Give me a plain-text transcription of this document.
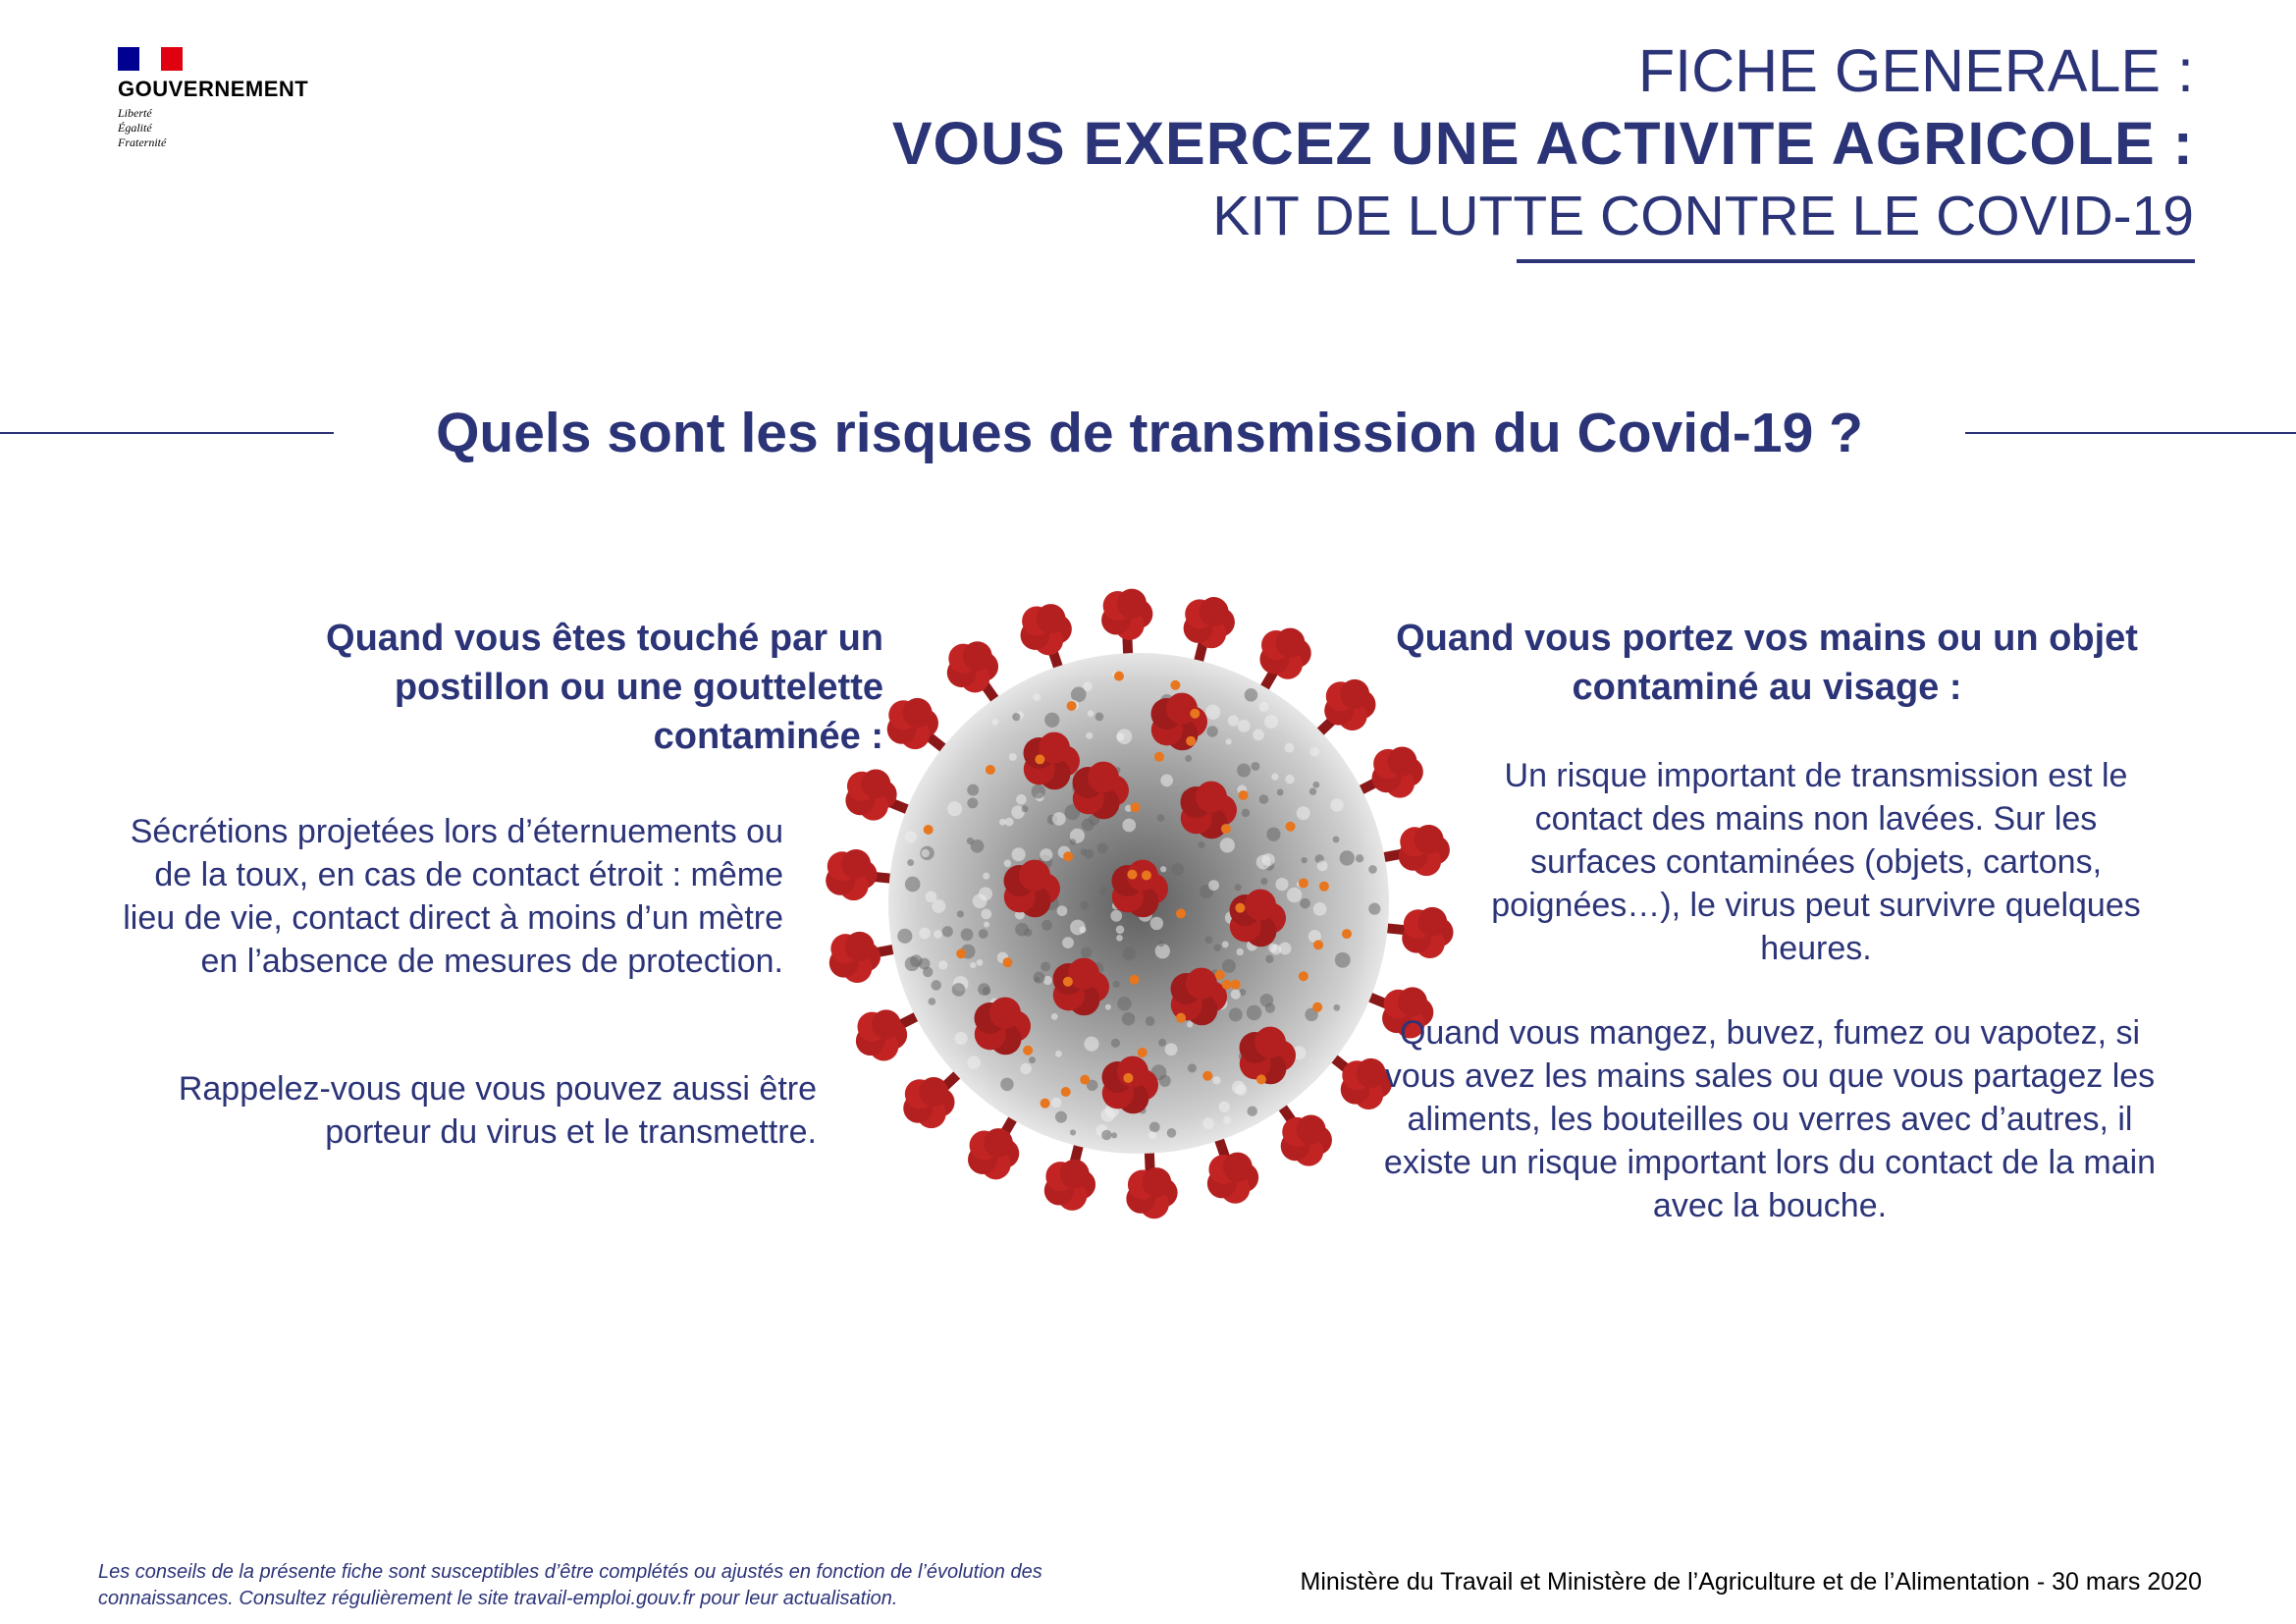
GOUVERNEMENT
Liberté
Égalité
Fraternité
FICHE GENERALE :
VOUS EXERCEZ UNE ACTIVITE AGRICOLE :
KIT DE LUTTE CONTRE LE COVID-19
Quels sont les risques de transmission du Covid-19 ?
Quand vous êtes touché par un postillon ou une gouttelette contaminée :
Sécrétions projetées lors d’éternuements ou de la toux, en cas de contact étroit : même lieu de vie, contact direct à moins d’un mètre en l’absence de mesures de protection.
Rappelez-vous que vous pouvez aussi être porteur du virus et le transmettre.
Quand vous portez vos mains ou un objet contaminé au visage :
Un risque important de transmission est le contact des mains non lavées. Sur les surfaces contaminées (objets, cartons, poignées…), le virus peut survivre quelques heures.
Quand vous mangez, buvez, fumez ou vapotez, si vous avez les mains sales ou que vous partagez les aliments, les bouteilles ou verres avec d’autres, il existe un risque important lors du contact de la main avec la bouche.
Les conseils de la présente fiche sont susceptibles d’être complétés ou ajustés en fonction de l’évolution des connaissances. Consultez régulièrement le site travail-emploi.gouv.fr pour leur actualisation.
Ministère du Travail et Ministère de l’Agriculture et de l’Alimentation - 30 mars 2020
